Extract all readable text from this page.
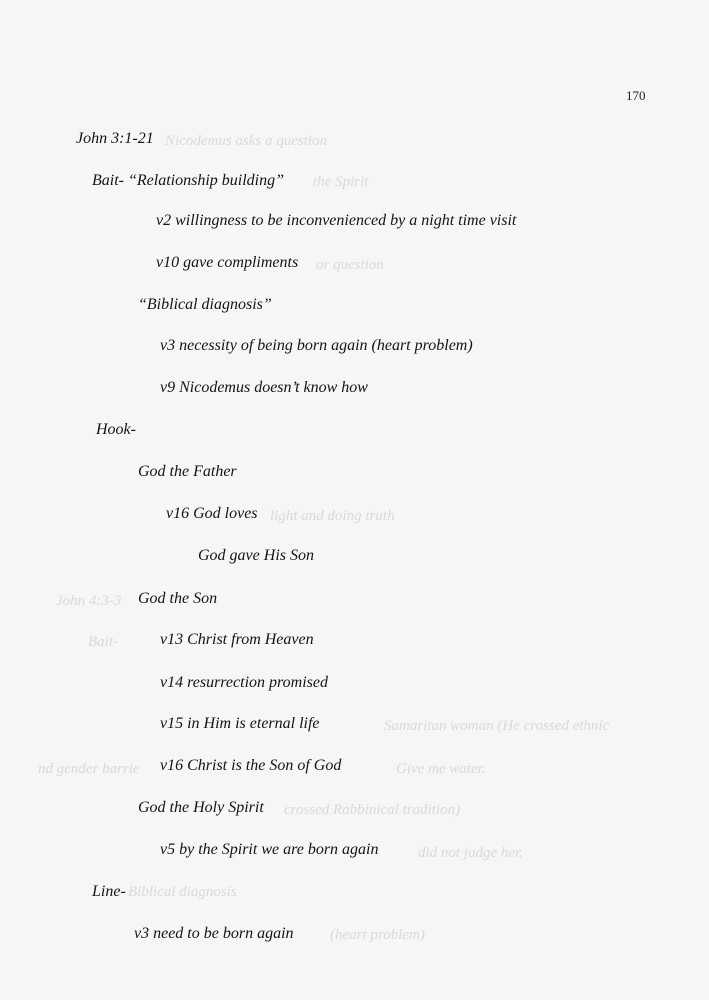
Nicodemus asks a question
the Spirit
or question
light and doing truth
John 4:3-3
Bait-
Samaritan woman (He crossed ethnic
nd gender barrie	Give me water.
crossed Rabbinical tradition)
did not judge her.
Biblical diagnosis
(heart problem)
170
John 3:1-21
Bait- “Relationship building”
v2 willingness to be inconvenienced by a night time visit
v10 gave compliments
“Biblical diagnosis”
v3 necessity of being born again (heart problem)
v9 Nicodemus doesn’t know how
Hook-
God the Father
v16 God loves
God gave His Son
God the Son
v13 Christ from Heaven
v14 resurrection promised
v15 in Him is eternal life
v16 Christ is the Son of God
God the Holy Spirit
v5 by the Spirit we are born again
Line-
v3 need to be born again
